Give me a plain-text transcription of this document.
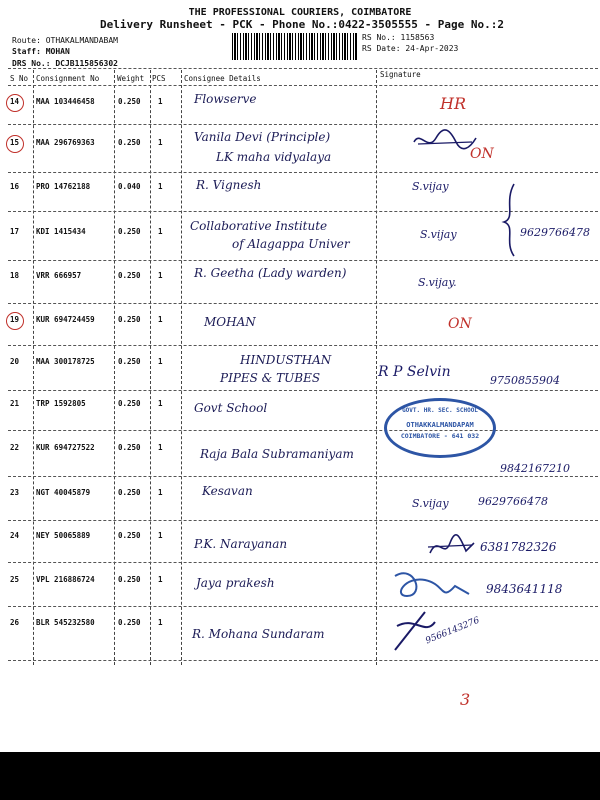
THE PROFESSIONAL COURIERS, COIMBATORE
Delivery Runsheet - PCK - Phone No.:0422-3505555 - Page No.:2
Route: OTHAKALMANDABAM
Staff: MOHAN
DRS No.: DCJB115856302
RS No.: 1158563
RS Date: 24-Apr-2023
S No Consignment No Weight PCS Consignee Details	Signature
14 MAA 103446458	0.250 1	Flowserve	HR
15 MAA 296769363	0.250 1	Vanila Devi (Principle)
LK maha vidyalaya	ON
16 PRO 14762188	0.040 1	R. Vignesh	S.vijay
17 KDI 1415434	0.250 1 Collaborative Institute
of Alagappa Univer
S.vijay	9629766478
18 VRR 666957	0.250 1	R. Geetha (Lady warden)
S.vijay.
19 KUR 694724459	0.250 1	MOHAN	ON
20 MAA 300178725	0.250 1	HINDUSTHAN
PIPES & TUBES	R P Selvin
9750855904
21 TRP 1592805	0.250 1	Govt School
22 KUR 694727522	0.250 1	Raja Bala Subramaniyam
9842167210
23 NGT 40045879	0.250 1	Kesavan
S.vijay	9629766478
24 NEY 50065889	0.250 1
P.K. Narayanan	6381782326
25 VPL 216886724	0.250 1	Jaya prakesh	9843641118
26 BLR 545232580	0.250 1
R. Mohana Sundaram	9566143276
GOVT. HR. SEC. SCHOOL
OTHAKKALMANDAPAM
COIMBATORE - 641 032
3
